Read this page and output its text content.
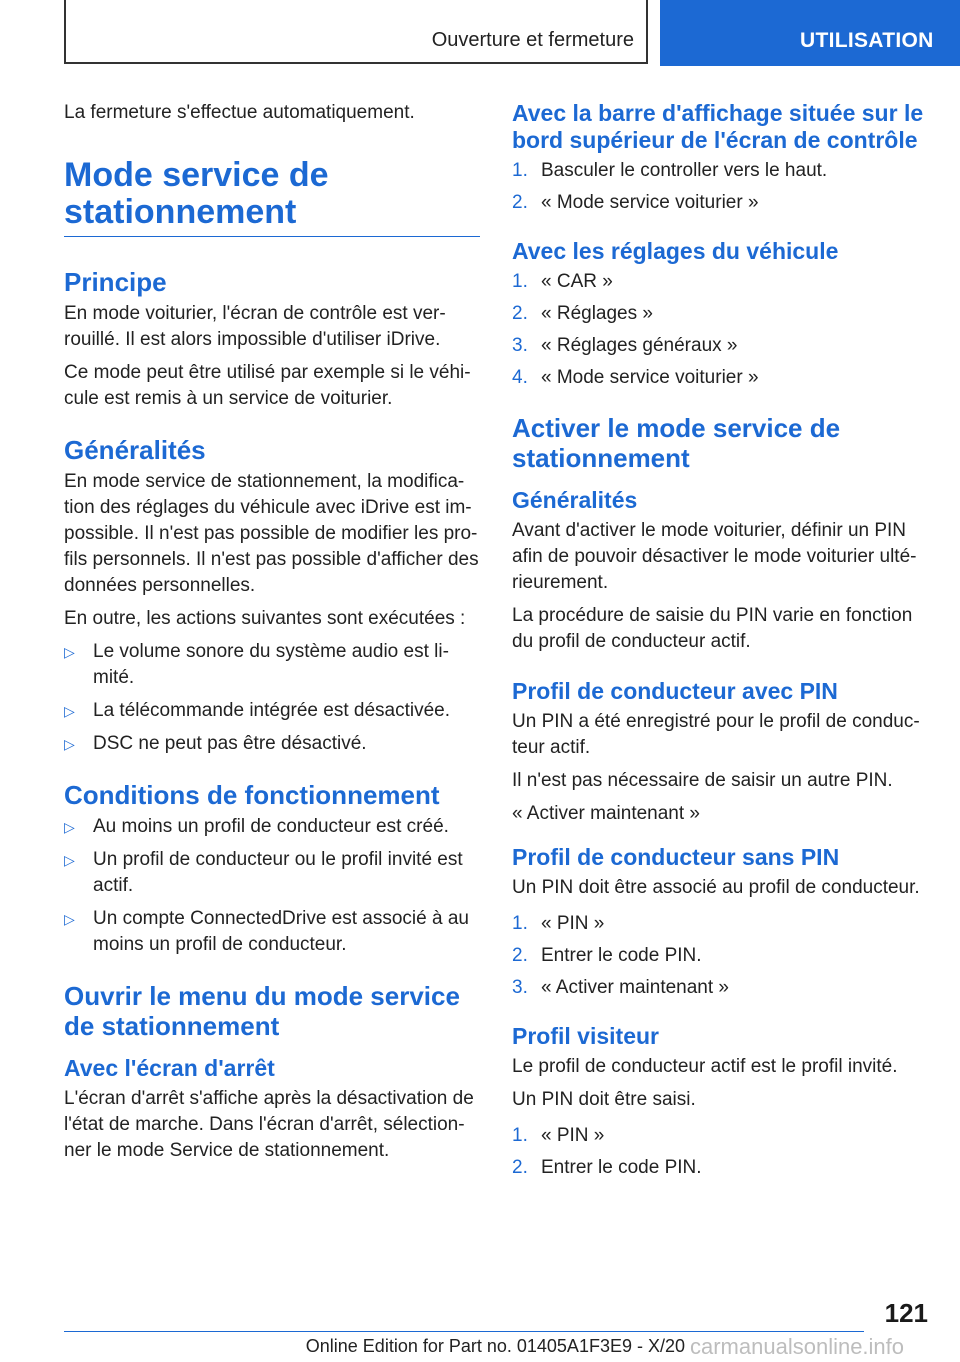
Ouverture et fermeture	UTILISATION

La fermeture s'effectue automatiquement.

Mode service de stationnement
Principe

En mode voiturier, l'écran de contrôle est ver-rouillé. Il est alors impossible d'utiliser iDrive.

Ce mode peut être utilisé par exemple si le véhi-cule est remis à un service de voiturier.

Généralités

En mode service de stationnement, la modifica-tion des réglages du véhicule avec iDrive est im-possible. Il n'est pas possible de modifier les pro-fils personnels. Il n'est pas possible d'afficher des données personnelles.

En outre, les actions suivantes sont exécutées :

▷ Le volume sonore du système audio est li-mité.
▷ La télécommande intégrée est désactivée.
▷ DSC ne peut pas être désactivé.
Conditions de fonctionnement
▷ Au moins un profil de conducteur est créé.
▷ Un profil de conducteur ou le profil invité est actif.
▷ Un compte ConnectedDrive est associé à au moins un profil de conducteur.
Ouvrir le menu du mode service de stationnement
Avec l'écran d'arrêt

L'écran d'arrêt s'affiche après la désactivation de l'état de marche. Dans l'écran d'arrêt, sélection-ner le mode Service de stationnement.

Avec la barre d'affichage située sur le bord supérieur de l'écran de contrôle
1. Basculer le controller vers le haut.
2. « Mode service voiturier »
Avec les réglages du véhicule
1. « CAR »
2. « Réglages »
3. « Réglages généraux »
4. « Mode service voiturier »
Activer le mode service de stationnement
Généralités

Avant d'activer le mode voiturier, définir un PIN afin de pouvoir désactiver le mode voiturier ulté-rieurement.

La procédure de saisie du PIN varie en fonction du profil de conducteur actif.

Profil de conducteur avec PIN

Un PIN a été enregistré pour le profil de conduc-teur actif.

Il n'est pas nécessaire de saisir un autre PIN.

« Activer maintenant »

Profil de conducteur sans PIN

Un PIN doit être associé au profil de conducteur.

1. « PIN »
2. Entrer le code PIN.
3. « Activer maintenant »
Profil visiteur

Le profil de conducteur actif est le profil invité.

Un PIN doit être saisi.

1. « PIN »
2. Entrer le code PIN.
121
Online Edition for Part no. 01405A1F3E9 - X/20 carmanualsonline.info
